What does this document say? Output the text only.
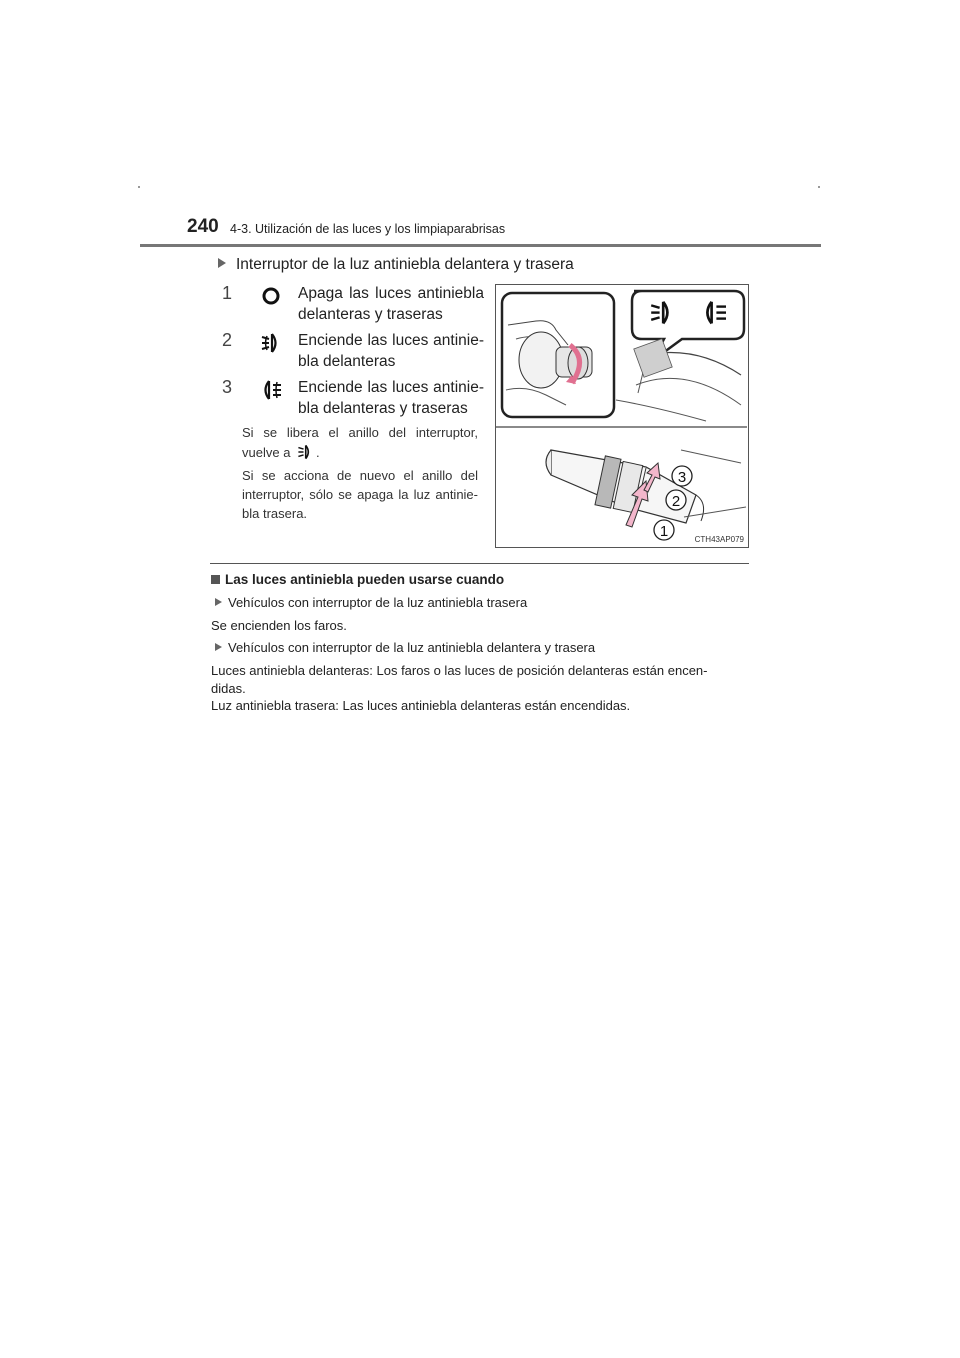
240 4-3. Utilización de las luces y los limpiaparabrisas
Interruptor de la luz antiniebla delantera y trasera
1	Apaga las luces antiniebla delanteras y traseras
2	Enciende las luces antinie-bla delanteras
3	Enciende las luces antinie-bla delanteras y traseras
Si se libera el anillo del interruptor, vuelve a .
Si se acciona de nuevo el anillo del interruptor, sólo se apaga la luz antinie-bla trasera.
3
2
1	CTH43AP079
Las luces antiniebla pueden usarse cuando
Vehículos con interruptor de la luz antiniebla trasera
Se encienden los faros.
Vehículos con interruptor de la luz antiniebla delantera y trasera
Luces antiniebla delanteras: Los faros o las luces de posición delanteras están encen-
didas.
Luz antiniebla trasera: Las luces antiniebla delanteras están encendidas.
